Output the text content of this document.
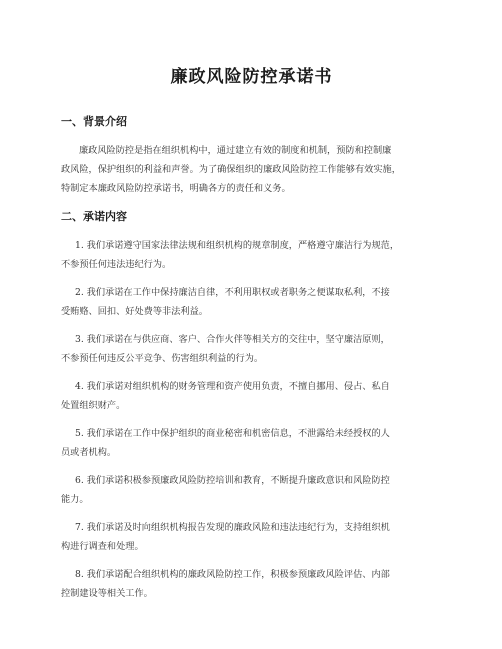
廉政风险防控承诺书
一、背景介绍

廉政风险防控是指在组织机构中，通过建立有效的制度和机制，预防和控制廉
政风险，保护组织的利益和声誉。为了确保组织的廉政风险防控工作能够有效实施，
特制定本廉政风险防控承诺书，明确各方的责任和义务。

二、承诺内容
1. 我们承诺遵守国家法律法规和组织机构的规章制度，严格遵守廉洁行为规范，
不参预任何违法违纪行为。
2. 我们承诺在工作中保持廉洁自律，不利用职权或者职务之便谋取私利，不接
受贿赂、回扣、好处费等非法利益。
3. 我们承诺在与供应商、客户、合作火伴等相关方的交往中，坚守廉洁原则，
不参预任何违反公平竞争、伤害组织利益的行为。
4. 我们承诺对组织机构的财务管理和资产使用负责，不擅自挪用、侵占、私自
处置组织财产。
5. 我们承诺在工作中保护组织的商业秘密和机密信息，不泄露给未经授权的人
员或者机构。
6. 我们承诺积极参预廉政风险防控培训和教育，不断提升廉政意识和风险防控
能力。
7. 我们承诺及时向组织机构报告发现的廉政风险和违法违纪行为，支持组织机
构进行调查和处理。
8. 我们承诺配合组织机构的廉政风险防控工作，积极参预廉政风险评估、内部
控制建设等相关工作。
